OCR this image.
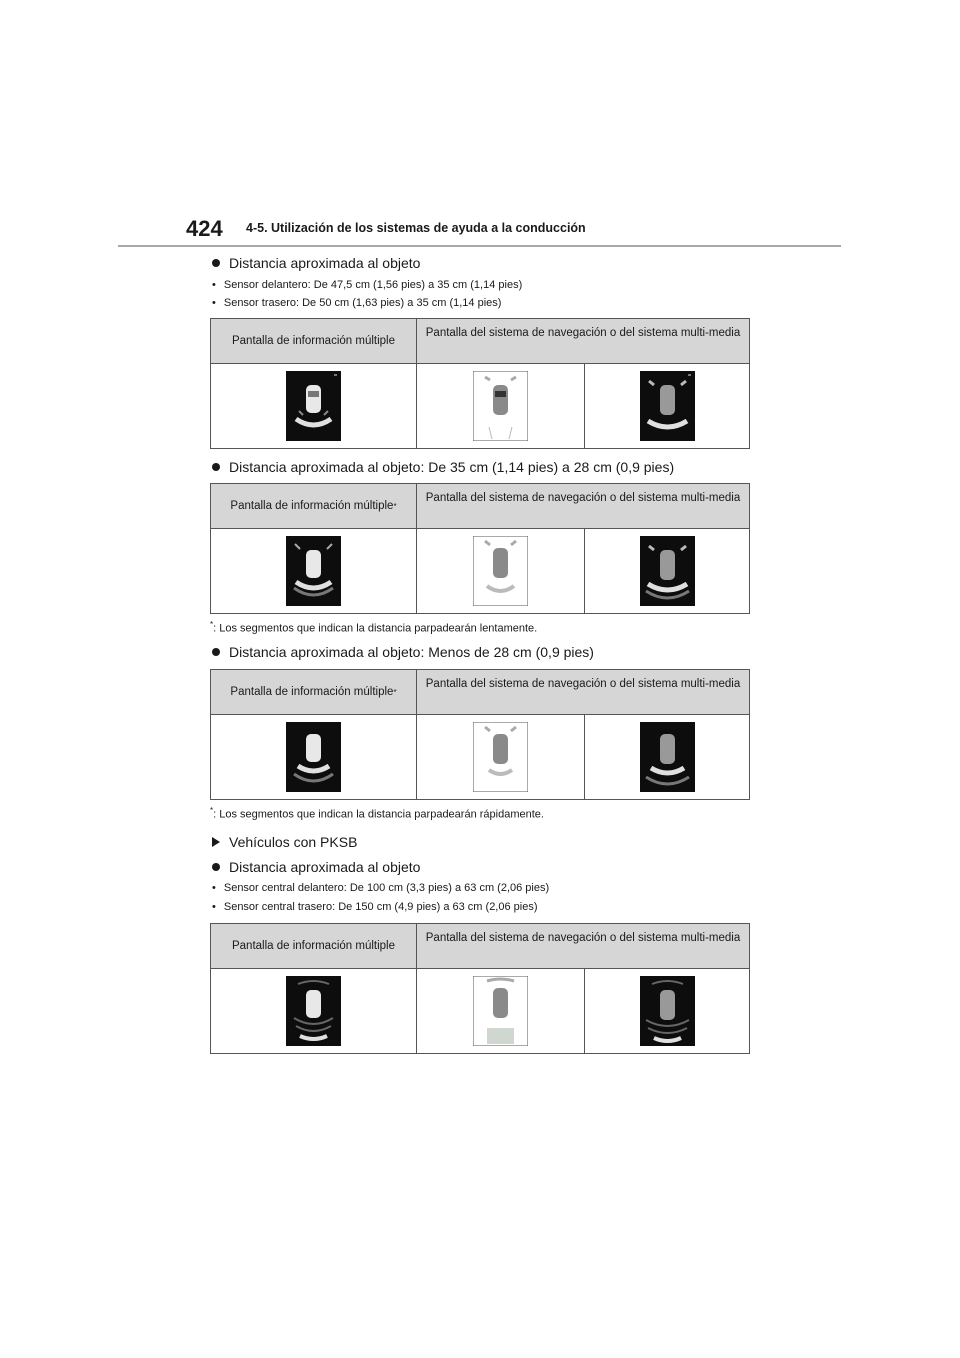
424 4-5. Utilización de los sistemas de ayuda a la conducción
Distancia aproximada al objeto
• Sensor delantero: De 47,5 cm (1,56 pies) a 35 cm (1,14 pies)
• Sensor trasero: De 50 cm (1,63 pies) a 35 cm (1,14 pies)
Pantalla de información múltiple
Pantalla del sistema de navegación o del sistema multi-media
Distancia aproximada al objeto: De 35 cm (1,14 pies) a 28 cm (0,9 pies)
Pantalla de información múltiple *
Pantalla del sistema de navegación o del sistema multi-media
*: Los segmentos que indican la distancia parpadearán lentamente.
Distancia aproximada al objeto: Menos de 28 cm (0,9 pies)
Pantalla de información múltiple *
Pantalla del sistema de navegación o del sistema multi-media
*: Los segmentos que indican la distancia parpadearán rápidamente.
Vehículos con PKSB
Distancia aproximada al objeto
• Sensor central delantero: De 100 cm (3,3 pies) a 63 cm (2,06 pies)
• Sensor central trasero: De 150 cm (4,9 pies) a 63 cm (2,06 pies)
Pantalla de información múltiple
Pantalla del sistema de navegación o del sistema multi-media
